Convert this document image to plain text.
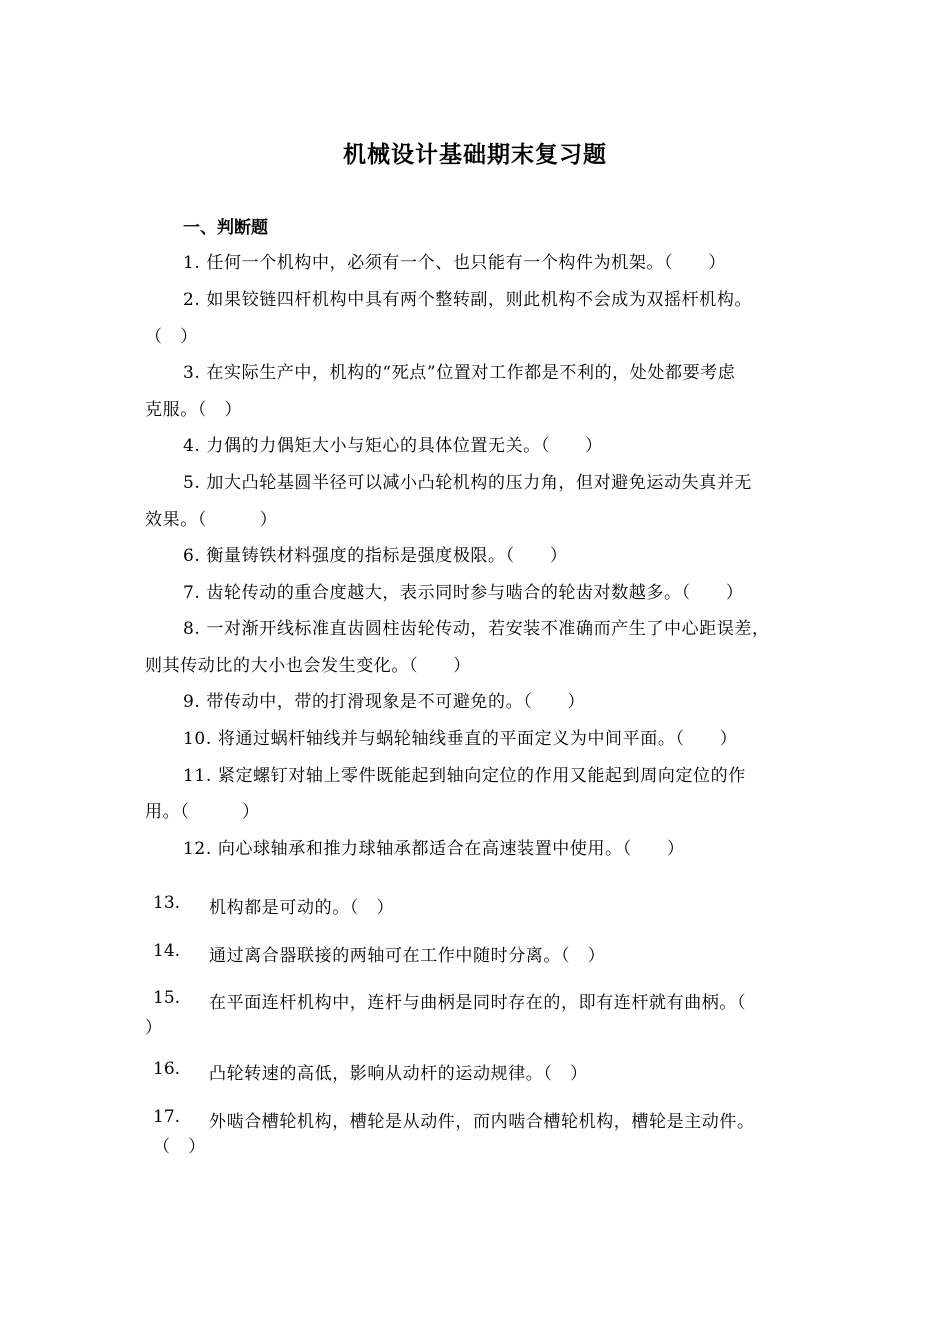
机械设计基础期末复习题
一、判断题
1. 任何一个机构中，必须有一个、也只能有一个构件为机架。（　　）
2. 如果铰链四杆机构中具有两个整转副，则此机构不会成为双摇杆机构。
（　）
3. 在实际生产中，机构的“死点”位置对工作都是不利的，处处都要考虑
克服。（　）
4. 力偶的力偶矩大小与矩心的具体位置无关。（　　）
5. 加大凸轮基圆半径可以减小凸轮机构的压力角，但对避免运动失真并无
效果。（　　　）
6. 衡量铸铁材料强度的指标是强度极限。（　　）
7. 齿轮传动的重合度越大，表示同时参与啮合的轮齿对数越多。（　　）
8. 一对渐开线标准直齿圆柱齿轮传动，若安装不准确而产生了中心距误差，
则其传动比的大小也会发生变化。（　　）
9. 带传动中，带的打滑现象是不可避免的。（　　）
10. 将通过蜗杆轴线并与蜗轮轴线垂直的平面定义为中间平面。（　　）
11. 紧定螺钉对轴上零件既能起到轴向定位的作用又能起到周向定位的作
用。（　　　）
12. 向心球轴承和推力球轴承都适合在高速装置中使用。（　　）
13. 机构都是可动的。（　）
14. 通过离合器联接的两轴可在工作中随时分离。（　）
15. 在平面连杆机构中，连杆与曲柄是同时存在的，即有连杆就有曲柄。（
）
16. 凸轮转速的高低，影响从动杆的运动规律。（　）
17. 外啮合槽轮机构，槽轮是从动件，而内啮合槽轮机构，槽轮是主动件。
（　）
